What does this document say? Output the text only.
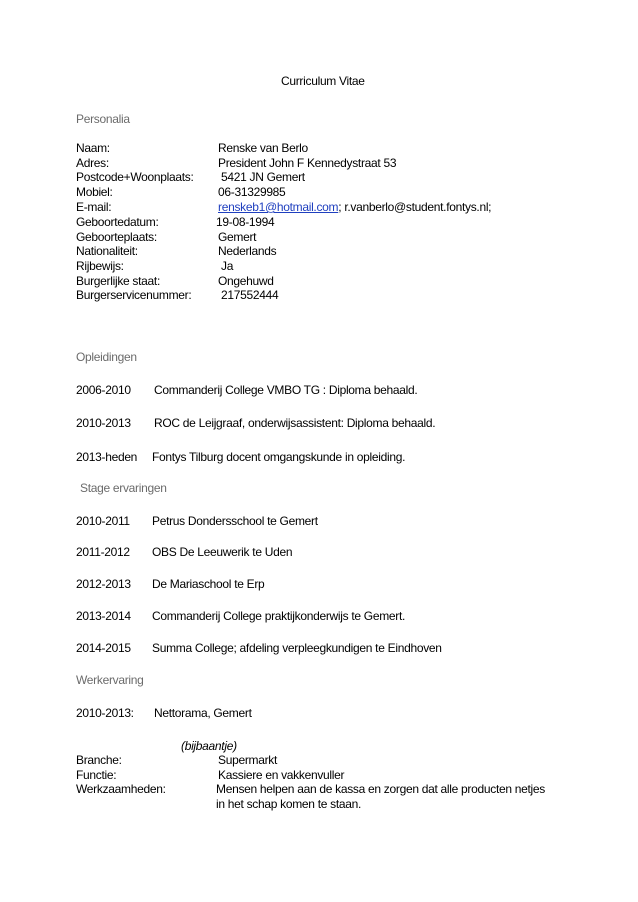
Curriculum Vitae
Personalia
Naam:	Renske van Berlo
Adres:	President John F Kennedystraat 53
Postcode+Woonplaats: 5421 JN Gemert
Mobiel:	06-31329985
E-mail:	renskeb1@hotmail.com; r.vanberlo@student.fontys.nl;
Geboortedatum:	19-08-1994
Geboorteplaats:	Gemert
Nationaliteit:	Nederlands
Rijbewijs:	Ja
Burgerlijke staat:	Ongehuwd
Burgerservicenummer: 217552444
Opleidingen
2006-2010 Commanderij College VMBO TG : Diploma behaald.
2010-2013 ROC de Leijgraaf, onderwijsassistent: Diploma behaald.
2013-heden Fontys Tilburg docent omgangskunde in opleiding.
Stage ervaringen
2010-2011 Petrus Dondersschool te Gemert
2011-2012 OBS De Leeuwerik te Uden
2012-2013 De Mariaschool te Erp
2013-2014 Commanderij College praktijkonderwijs te Gemert.
2014-2015 Summa College; afdeling verpleegkundigen te Eindhoven
Werkervaring
2010-2013: Nettorama, Gemert
(bijbaantje)
Branche:	Supermarkt
Functie:	Kassiere en vakkenvuller
Werkzaamheden:	Mensen helpen aan de kassa en zorgen dat alle producten netjes
in het schap komen te staan.
